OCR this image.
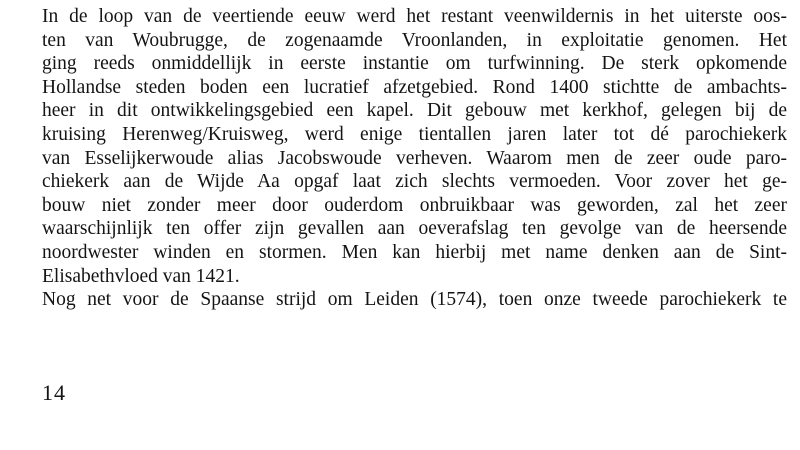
In de loop van de veertiende eeuw werd het restant veenwildernis in het uiterste oos-
ten van Woubrugge, de zogenaamde Vroonlanden, in exploitatie genomen. Het
ging reeds onmiddellijk in eerste instantie om turfwinning. De sterk opkomende
Hollandse steden boden een lucratief afzetgebied. Rond 1400 stichtte de ambachts-
heer in dit ontwikkelingsgebied een kapel. Dit gebouw met kerkhof, gelegen bij de
kruising Herenweg/Kruisweg, werd enige tientallen jaren later tot dé parochiekerk
van Esselijkerwoude alias Jacobswoude verheven. Waarom men de zeer oude paro-
chiekerk aan de Wijde Aa opgaf laat zich slechts vermoeden. Voor zover het ge-
bouw niet zonder meer door ouderdom onbruikbaar was geworden, zal het zeer
waarschijnlijk ten offer zijn gevallen aan oeverafslag ten gevolge van de heersende
noordwester winden en stormen. Men kan hierbij met name denken aan de Sint-
Elisabethvloed van 1421.
Nog net voor de Spaanse strijd om Leiden (1574), toen onze tweede parochiekerk te
14
